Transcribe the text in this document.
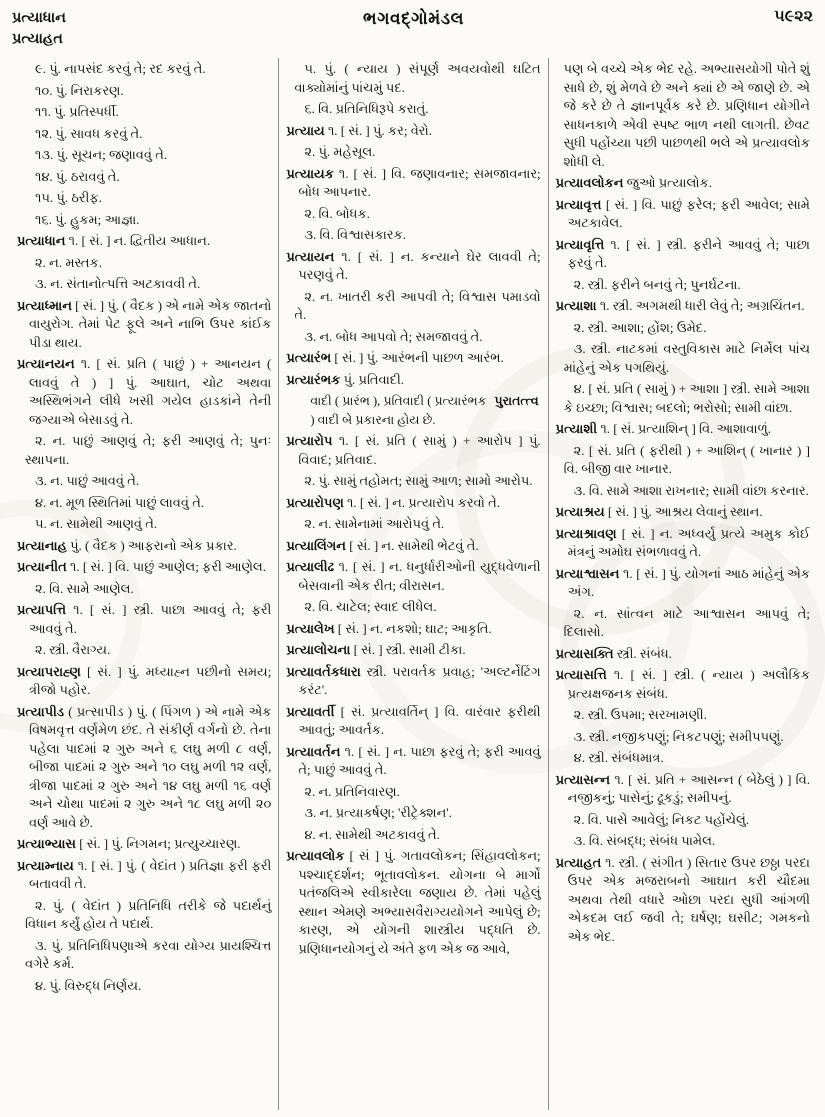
પ્રત્યાધાન
પ્રત્યાહત
ભગવદ્ગોમંડલ	૫૯૨૨

૯. પું. નાપસંદ કરવું તે; રદ કરવું તે.

૧૦. પું. નિરાકરણ.

૧૧. પું. પ્રતિસ્પર્ધી.

૧૨. પું. સાવધ કરવું તે.

૧૩. પું. સૂચન; જણાવવું તે.

૧૪. પું. ઠરાવવું તે.

૧૫. પું. ઠરીફ.

૧૬. પું. હુકમ; આજ્ઞા.

પ્રત્યાધાન ૧. [ સં. ] ન. દ્વિતીય આધાન.

૨. ન. મસ્તક.

૩. ન. સંતાનોત્પત્તિ અટકાવવી તે.

પ્રત્યાધ્માન [ સં. ] પું. ( વૈદક ) એ નામે એક જાતનો વાયુરોગ. તેમાં પેટ ફૂલે અને નાભિ ઉપર કાંઈક પીડા થાય.

પ્રત્યાનયન ૧. [ સં. પ્રતિ ( પાછું ) + આનયન ( લાવવું તે ) ] પું. આઘાત, ચોટ અથવા અસ્થિભંગને લીધે ખસી ગયેલ હાડકાંને તેની જગ્યાએ બેસાડવું તે.

૨. ન. પાછું આણવું તે; ફરી આણવું તે; પુનઃ સ્થાપના.

૩. ન. પાછું આવવું તે.

૪. ન. મૂળ સ્થિતિમાં પાછું લાવવું તે.

૫. ન. સામેથી આણવું તે.

પ્રત્યાનાહ પું. ( વૈદક ) આફરાનો એક પ્રકાર.

પ્રત્યાનીત ૧. [ સં. ] વિ. પાછું આણેલ; ફરી આણેલ.

૨. વિ. સામે આણેલ.

પ્રત્યાપત્તિ ૧. [ સં. ] સ્ત્રી. પાછા આવવું તે; ફરી આવવું તે.

૨. સ્ત્રી. વૈરાગ્ય.

પ્રત્યાપરાહ્ણ [ સં. ] પું. મધ્યાહ્ન પછીનો સમય; ત્રીજો પહોર.

પ્રત્યાપીડ ( પ્રત્સાપીડ ) પું. ( પિંગળ ) એ નામે એક વિષમવૃત્ત વર્ણમેળ છંદ. તે સંકીર્ણ વર્ગનો છે. તેના પહેલા પાદમાં ૨ ગુરુ અને ૬ લઘુ મળી ૮ વર્ણ, બીજા પાદમાં ૨ ગુરુ અને ૧૦ લઘુ મળી ૧૨ વર્ણ, ત્રીજા પાદમાં ૨ ગુરુ અને ૧૪ લઘુ મળી ૧૬ વર્ણ અને ચોથા પાદમાં ૨ ગુરુ અને ૧૮ લઘુ મળી ૨૦ વર્ણ આવે છે.

પ્રત્યાભ્યાસ [ સં. ] પું. નિગમન; પ્રત્યુચ્ચારણ.

પ્રત્યામ્નાય ૧. [ સં. ] પું. ( વેદાંત ) પ્રતિજ્ઞા ફરી ફરી બતાવવી તે.

૨. પું. ( વેદાંત ) પ્રતિનિધિ તરીકે જે પદાર્થનું વિધાન કર્યું હોય તે પદાર્થ.

૩. પું. પ્રતિનિધિપણાએ કરવા યોગ્ય પ્રાયશ્ચિત્ત વગેરે કર્મ.

૪. પું. વિરુદ્ધ નિર્ણય.

૫. પું. ( ન્યાય ) સંપૂર્ણ અવયવોથી ઘટિત વાક્યોમાંનું પાંચમું પદ.

૬. વિ. પ્રતિનિધિરૂપે કરાતું.

પ્રત્યાય ૧. [ સં. ] પું. કર; વેરો.

૨. પું. મહેસૂલ.

પ્રત્યાયક ૧. [ સં. ] વિ. જણાવનાર; સમજાવનાર; બોધ આપનાર.

૨. વિ. બોધક.

૩. વિ. વિશ્વાસકારક.

પ્રત્યાયન ૧. [ સં. ] ન. કન્યાને ઘેર લાવવી તે; પરણવું તે.

૨. ન. ખાતરી કરી આપવી તે; વિશ્વાસ પમાડવો તે.

૩. ન. બોધ આપવો તે; સમજાવવું તે.

પ્રત્યારંભ [ સં. ] પું. આરંભની પાછળ આરંભ.

પ્રત્યારંભક પું. પ્રતિવાદી.

પુરાતત્ત્વ
વાદી ( પ્રારંભ ), પ્રતિવાદી ( પ્રત્યારંભક ) વાદી બે પ્રકારના હોય છે.

પ્રત્યારોપ ૧. [ સં. પ્રતિ ( સામું ) + આરોપ ] પું. વિવાદ; પ્રતિવાદ.

૨. પું. સામું તહોમત; સામું આળ; સામો આરોપ.

પ્રત્યારોપણ ૧. [ સં. ] ન. પ્રત્યારોપ કરવો તે.

૨. ન. સામેનામાં આરોપવું તે.

પ્રત્યાલિંગન [ સં. ] ન. સામેથી ભેટવું તે.

પ્રત્યાલીઢ ૧. [ સં. ] ન. ધનુર્ધારીઓની યુદ્ધવેળાની બેસવાની એક રીત; વીરાસન.

૨. વિ. ચાટેલ; સ્વાદ લીધેલ.

પ્રત્યાલેખ [ સં. ] ન. નકશો; ઘાટ; આકૃતિ.

પ્રત્યાલોચના [ સં. ] સ્ત્રી. સામી ટીકા.

પ્રત્યાવર્તકધારા સ્ત્રી. પરાવર્તક પ્રવાહ; 'અલ્ટર્નેટિંગ કરંટ'.

પ્રત્યાવર્તી [ સં. પ્રત્યાવર્તિન્ ] વિ. વારંવાર ફરીથી આવતું; આવર્તક.

પ્રત્યાવર્તન ૧. [ સં. ] ન. પાછા ફરવું તે; ફરી આવવું તે; પાછું આવવું તે.

૨. ન. પ્રતિનિવારણ.

૩. ન. પ્રત્યાકર્ષણ; 'રીટ્રેક્શન'.

૪. ન. સામેથી અટકાવવું તે.

પ્રત્યાવલોક [ સં ] પું. ગતાવલોકન; સિંહાવલોકન; પશ્ચાદ્દર્શન; ભૂતાવલોકન. યોગના બે માર્ગો પતંજલિએ સ્વીકારેલા જણાય છે. તેમાં પહેલું સ્થાન એમણે અભ્યાસવૈરાગ્યયોગને આપેલું છે; કારણ, એ યોગની શાસ્ત્રીય પદ્ધતિ છે. પ્રણિધાનયોગનું યે અંતે ફળ એક જ આવે,

પણ બે વચ્ચે એક ભેદ રહે. અભ્યાસયોગી પોતે શું સાધે છે, શું મેળવે છે અને ક્યાં છે એ જાણે છે. એ જે કરે છે તે જ્ઞાનપૂર્વક કરે છે. પ્રણિધાન યોગીને સાધનકાળે એવી સ્પષ્ટ ભાળ નથી લાગતી. છેવટ સુધી પહોંચ્યા પછી પાછળથી ભલે એ પ્રત્યાવલોક શોધી લે.

પ્રત્યાવલોકન જુઓ પ્રત્યાલોક.

પ્રત્યાવૃત્ત [ સં. ] વિ. પાછું ફરેલ; ફરી આવેલ; સામે અટકાવેલ.

પ્રત્યાવૃત્તિ ૧. [ સં. ] સ્ત્રી. ફરીને આવવું તે; પાછા ફરવું તે.

૨. સ્ત્રી. ફરીને બનવું તે; પુનર્ઘટના.

પ્રત્યાશા ૧. સ્ત્રી. અગમથી ધારી લેવું તે; અગ્રચિંતન.

૨. સ્ત્રી. આશા; હોંશ; ઉમેદ.

૩. સ્ત્રી. નાટકમાં વસ્તુવિકાસ માટે નિર્મેલ પાંચ માંહેનું એક પગથિયું.

૪. [ સં. પ્રતિ ( સામું ) + આશા ] સ્ત્રી. સામે આશા કે ઇચ્છા; વિશ્વાસ; બદલો; ભરોસો; સામી વાંછા.

પ્રત્યાશી ૧. [ સં. પ્રત્યાશિન્ ] વિ. આશાવાળું.

૨. [ સં. પ્રતિ ( ફરીથી ) + આશિન્ ( ખાનાર ) ] વિ. બીજી વાર ખાનાર.

૩. વિ. સામે આશા રાખનાર; સામી વાંછા કરનાર.

પ્રત્યાશ્રય [ સં. ] પું. આશ્રય લેવાનું સ્થાન.

પ્રત્યાશ્રાવણ [ સં. ] ન. અધ્વર્યુ પ્રત્યે અમુક કોઈ મંત્રનું અમોઘ સંભળાવવું તે.

પ્રત્યાશ્વાસન ૧. [ સં. ] પું. યોગનાં આઠ માંહેનું એક અંગ.

૨. ન. સાંત્વન માટે આશ્વાસન આપવું તે; દિલાસો.

પ્રત્યાસક્તિ સ્ત્રી. સંબંધ.

પ્રત્યાસત્તિ ૧. [ સં. ] સ્ત્રી. ( ન્યાય ) અલૌકિક પ્રત્યક્ષજનક સંબંધ.

૨. સ્ત્રી. ઉપમા; સરખામણી.

૩. સ્ત્રી. નજીકપણું; નિકટપણું; સમીપપણું.

૪. સ્ત્રી. સંબંધમાત્ર.

પ્રત્યાસન્ન ૧. [ સં. પ્રતિ + આસન્ન ( બેઠેલું ) ] વિ. નજીકનું; પાસેનું; ઢૂકડું; સમીપનું.

૨. વિ. પાસે આવેલું; નિકટ પહોંચેલું.

૩. વિ. સંબદ્ધ; સંબંધ પામેલ.

પ્રત્યાહત ૧. સ્ત્રી. ( સંગીત ) સિતાર ઉપર છઠ્ઠા પરદા ઉપર એક મજરાબનો આઘાત કરી ચૌદમા અથવા તેથી વધારે ઓછા પરદા સુધી આંગળી એકદમ લઈ જવી તે; ઘર્ષણ; ઘસીટ; ગમકનો એક ભેદ.
